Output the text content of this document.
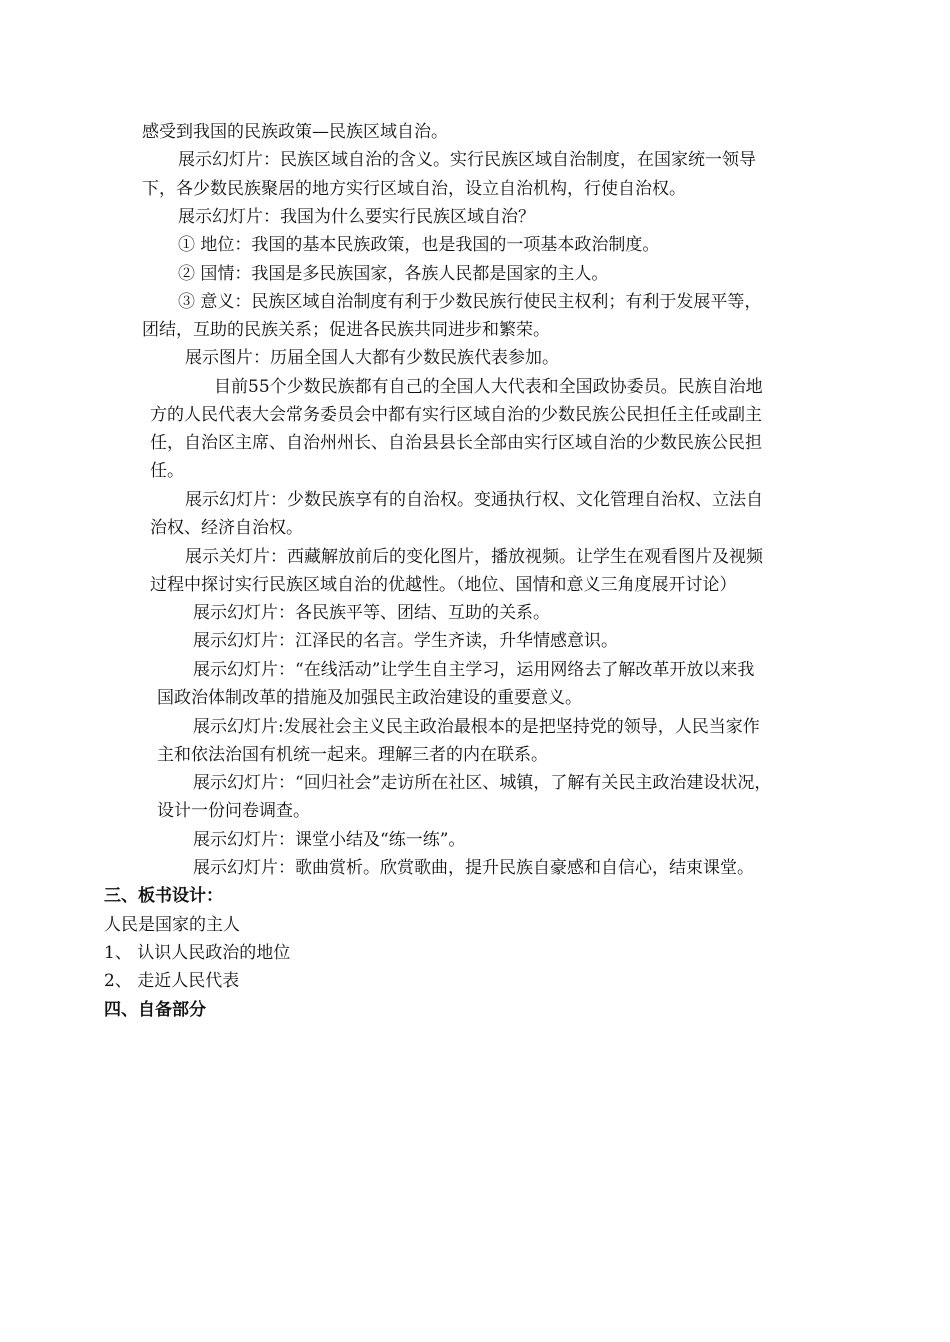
感受到我国的民族政策—民族区域自治。
展示幻灯片：民族区域自治的含义。实行民族区域自治制度，在国家统一领导
下，各少数民族聚居的地方实行区域自治，设立自治机构，行使自治权。
展示幻灯片：我国为什么要实行民族区域自治？
① 地位：我国的基本民族政策，也是我国的一项基本政治制度。
② 国情：我国是多民族国家，各族人民都是国家的主人。
③ 意义：民族区域自治制度有利于少数民族行使民主权利；有利于发展平等，
团结，互助的民族关系；促进各民族共同进步和繁荣。
展示图片：历届全国人大都有少数民族代表参加。
目前55个少数民族都有自己的全国人大代表和全国政协委员。民族自治地
方的人民代表大会常务委员会中都有实行区域自治的少数民族公民担任主任或副主
任，自治区主席、自治州州长、自治县县长全部由实行区域自治的少数民族公民担
任。
展示幻灯片：少数民族享有的自治权。变通执行权、文化管理自治权、立法自
治权、经济自治权。
展示关灯片：西藏解放前后的变化图片，播放视频。让学生在观看图片及视频
过程中探讨实行民族区域自治的优越性。（地位、国情和意义三角度展开讨论）
展示幻灯片：各民族平等、团结、互助的关系。
展示幻灯片：江泽民的名言。学生齐读，升华情感意识。
展示幻灯片：“在线活动”让学生自主学习，运用网络去了解改革开放以来我
国政治体制改革的措施及加强民主政治建设的重要意义。
展示幻灯片:发展社会主义民主政治最根本的是把坚持党的领导，人民当家作
主和依法治国有机统一起来。理解三者的内在联系。
展示幻灯片：“回归社会”走访所在社区、城镇，了解有关民主政治建设状况，
设计一份问卷调查。
展示幻灯片：课堂小结及“练一练”。
展示幻灯片：歌曲赏析。欣赏歌曲，提升民族自豪感和自信心，结束课堂。
三、板书设计：
人民是国家的主人
1、 认识人民政治的地位
2、 走近人民代表
四、自备部分
